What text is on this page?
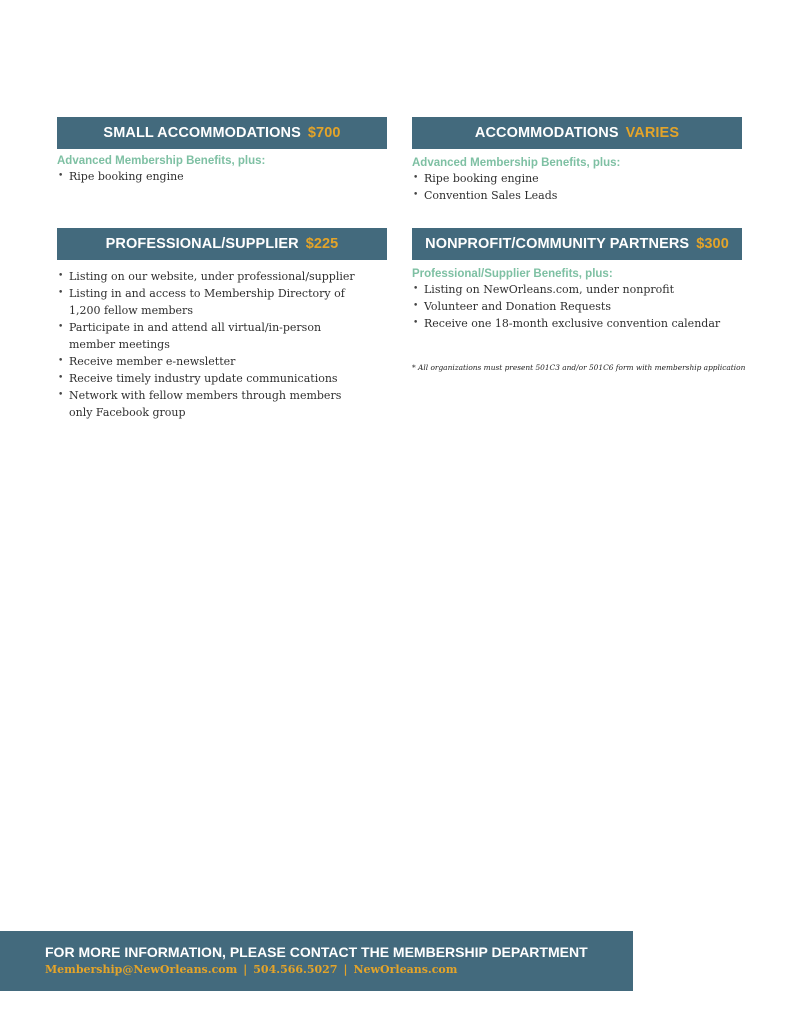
SMALL ACCOMMODATIONS $700
Advanced Membership Benefits, plus:
• Ripe booking engine
ACCOMMODATIONS VARIES
Advanced Membership Benefits, plus:
• Ripe booking engine
• Convention Sales Leads
PROFESSIONAL/SUPPLIER $225
• Listing on our website, under professional/supplier
• Listing in and access to Membership Directory of 1,200 fellow members
• Participate in and attend all virtual/in-person member meetings
• Receive member e-newsletter
• Receive timely industry update communications
• Network with fellow members through members only Facebook group
NONPROFIT/COMMUNITY PARTNERS $300
Professional/Supplier Benefits, plus:
• Listing on NewOrleans.com, under nonprofit
• Volunteer and Donation Requests
• Receive one 18-month exclusive convention calendar
* All organizations must present 501C3 and/or 501C6 form with membership application
FOR MORE INFORMATION, PLEASE CONTACT THE MEMBERSHIP DEPARTMENT
Membership@NewOrleans.com | 504.566.5027 | NewOrleans.com
